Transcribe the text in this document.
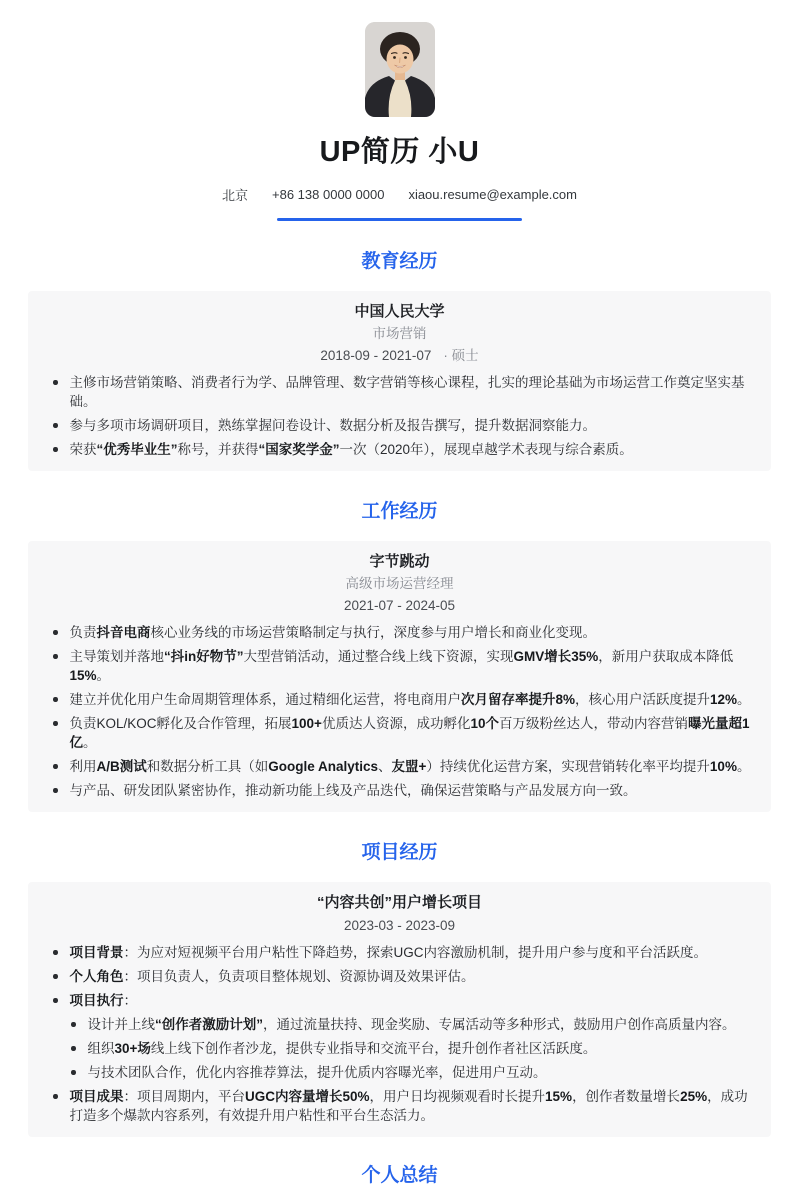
UP简历 小U
北京 +86 138 0000 0000 xiaou.resume@example.com
教育经历
中国人民大学
市场营销
2018-09 - 2021-07 · 硕士
主修市场营销策略、消费者行为学、品牌管理、数字营销等核心课程，扎实的理论基础为市场运营工作奠定坚实基础。
参与多项市场调研项目，熟练掌握问卷设计、数据分析及报告撰写，提升数据洞察能力。
荣获“优秀毕业生”称号，并获得“国家奖学金”一次（2020年），展现卓越学术表现与综合素质。
工作经历
字节跳动
高级市场运营经理
2021-07 - 2024-05
负责抖音电商核心业务线的市场运营策略制定与执行，深度参与用户增长和商业化变现。
主导策划并落地“抖in好物节”大型营销活动，通过整合线上线下资源，实现GMV增长35%，新用户获取成本降低15%。
建立并优化用户生命周期管理体系，通过精细化运营，将电商用户次月留存率提升8%，核心用户活跃度提升12%。
负责KOL/KOC孵化及合作管理，拓展100+优质达人资源，成功孵化10个百万级粉丝达人，带动内容营销曝光量超1亿。
利用A/B测试和数据分析工具（如Google Analytics、友盟+）持续优化运营方案，实现营销转化率平均提升10%。
与产品、研发团队紧密协作，推动新功能上线及产品迭代，确保运营策略与产品发展方向一致。
项目经历
“内容共创”用户增长项目
2023-03 - 2023-09
项目背景：为应对短视频平台用户粘性下降趋势，探索UGC内容激励机制，提升用户参与度和平台活跃度。
个人角色：项目负责人，负责项目整体规划、资源协调及效果评估。
项目执行：
设计并上线“创作者激励计划”，通过流量扶持、现金奖励、专属活动等多种形式，鼓励用户创作高质量内容。
组织30+场线上线下创作者沙龙，提供专业指导和交流平台，提升创作者社区活跃度。
与技术团队合作，优化内容推荐算法，提升优质内容曝光率，促进用户互动。
项目成果：项目周期内，平台UGC内容量增长50%，用户日均视频观看时长提升15%，创作者数量增长25%，成功打造多个爆款内容系列，有效提升用户粘性和平台生态活力。
个人总结
